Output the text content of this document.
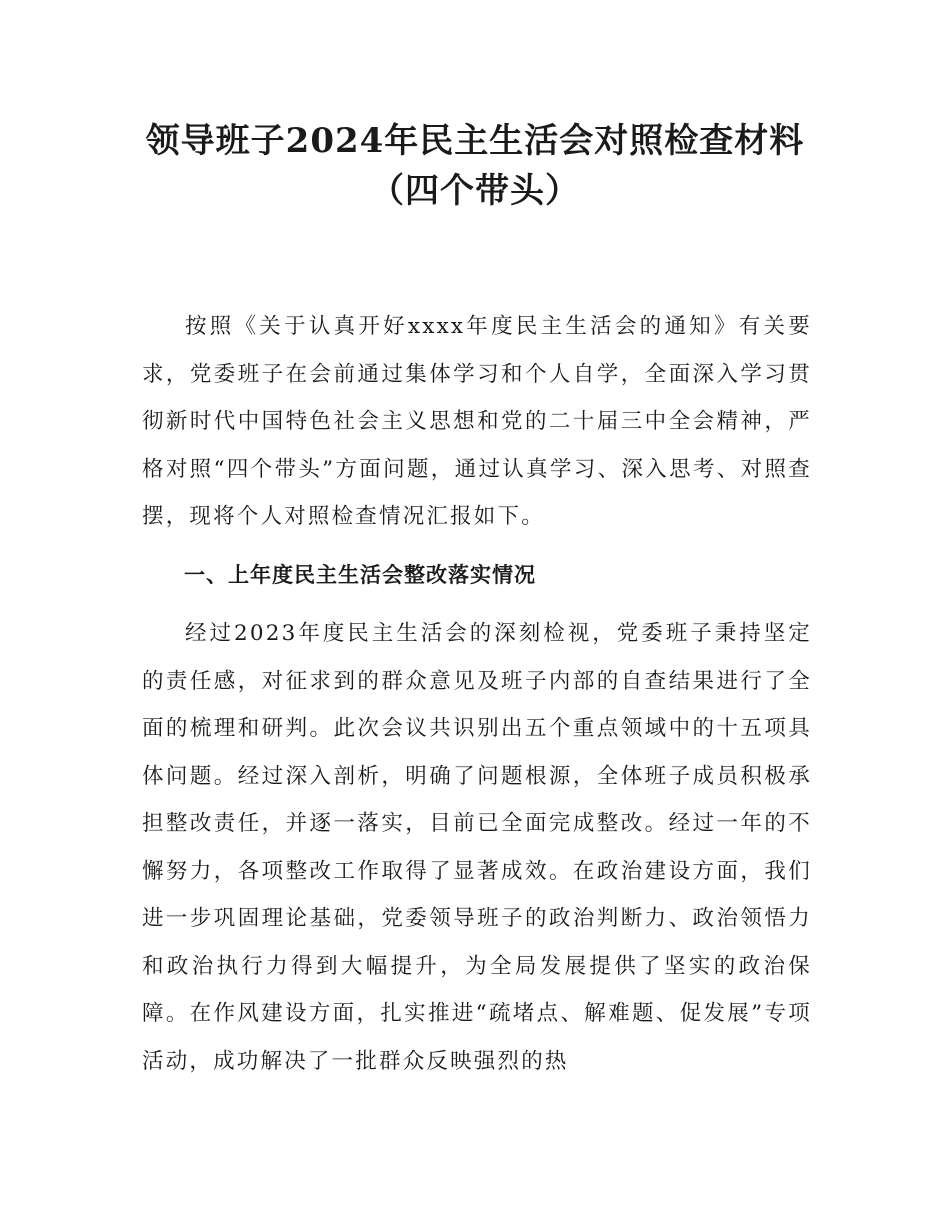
领导班子2024年民主生活会对照检查材料
（四个带头）

按照《关于认真开好xxxx年度民主生活会的通知》有关要求，党委班子在会前通过集体学习和个人自学，全面深入学习贯彻新时代中国特色社会主义思想和党的二十届三中全会精神，严格对照“四个带头”方面问题，通过认真学习、深入思考、对照查摆，现将个人对照检查情况汇报如下。

一、上年度民主生活会整改落实情况

经过2023年度民主生活会的深刻检视，党委班子秉持坚定的责任感，对征求到的群众意见及班子内部的自查结果进行了全面的梳理和研判。此次会议共识别出五个重点领域中的十五项具体问题。经过深入剖析，明确了问题根源，全体班子成员积极承担整改责任，并逐一落实，目前已全面完成整改。经过一年的不懈努力，各项整改工作取得了显著成效。在政治建设方面，我们进一步巩固理论基础，党委领导班子的政治判断力、政治领悟力和政治执行力得到大幅提升，为全局发展提供了坚实的政治保障。在作风建设方面，扎实推进“疏堵点、解难题、促发展”专项活动，成功解决了一批群众反映强烈的热
